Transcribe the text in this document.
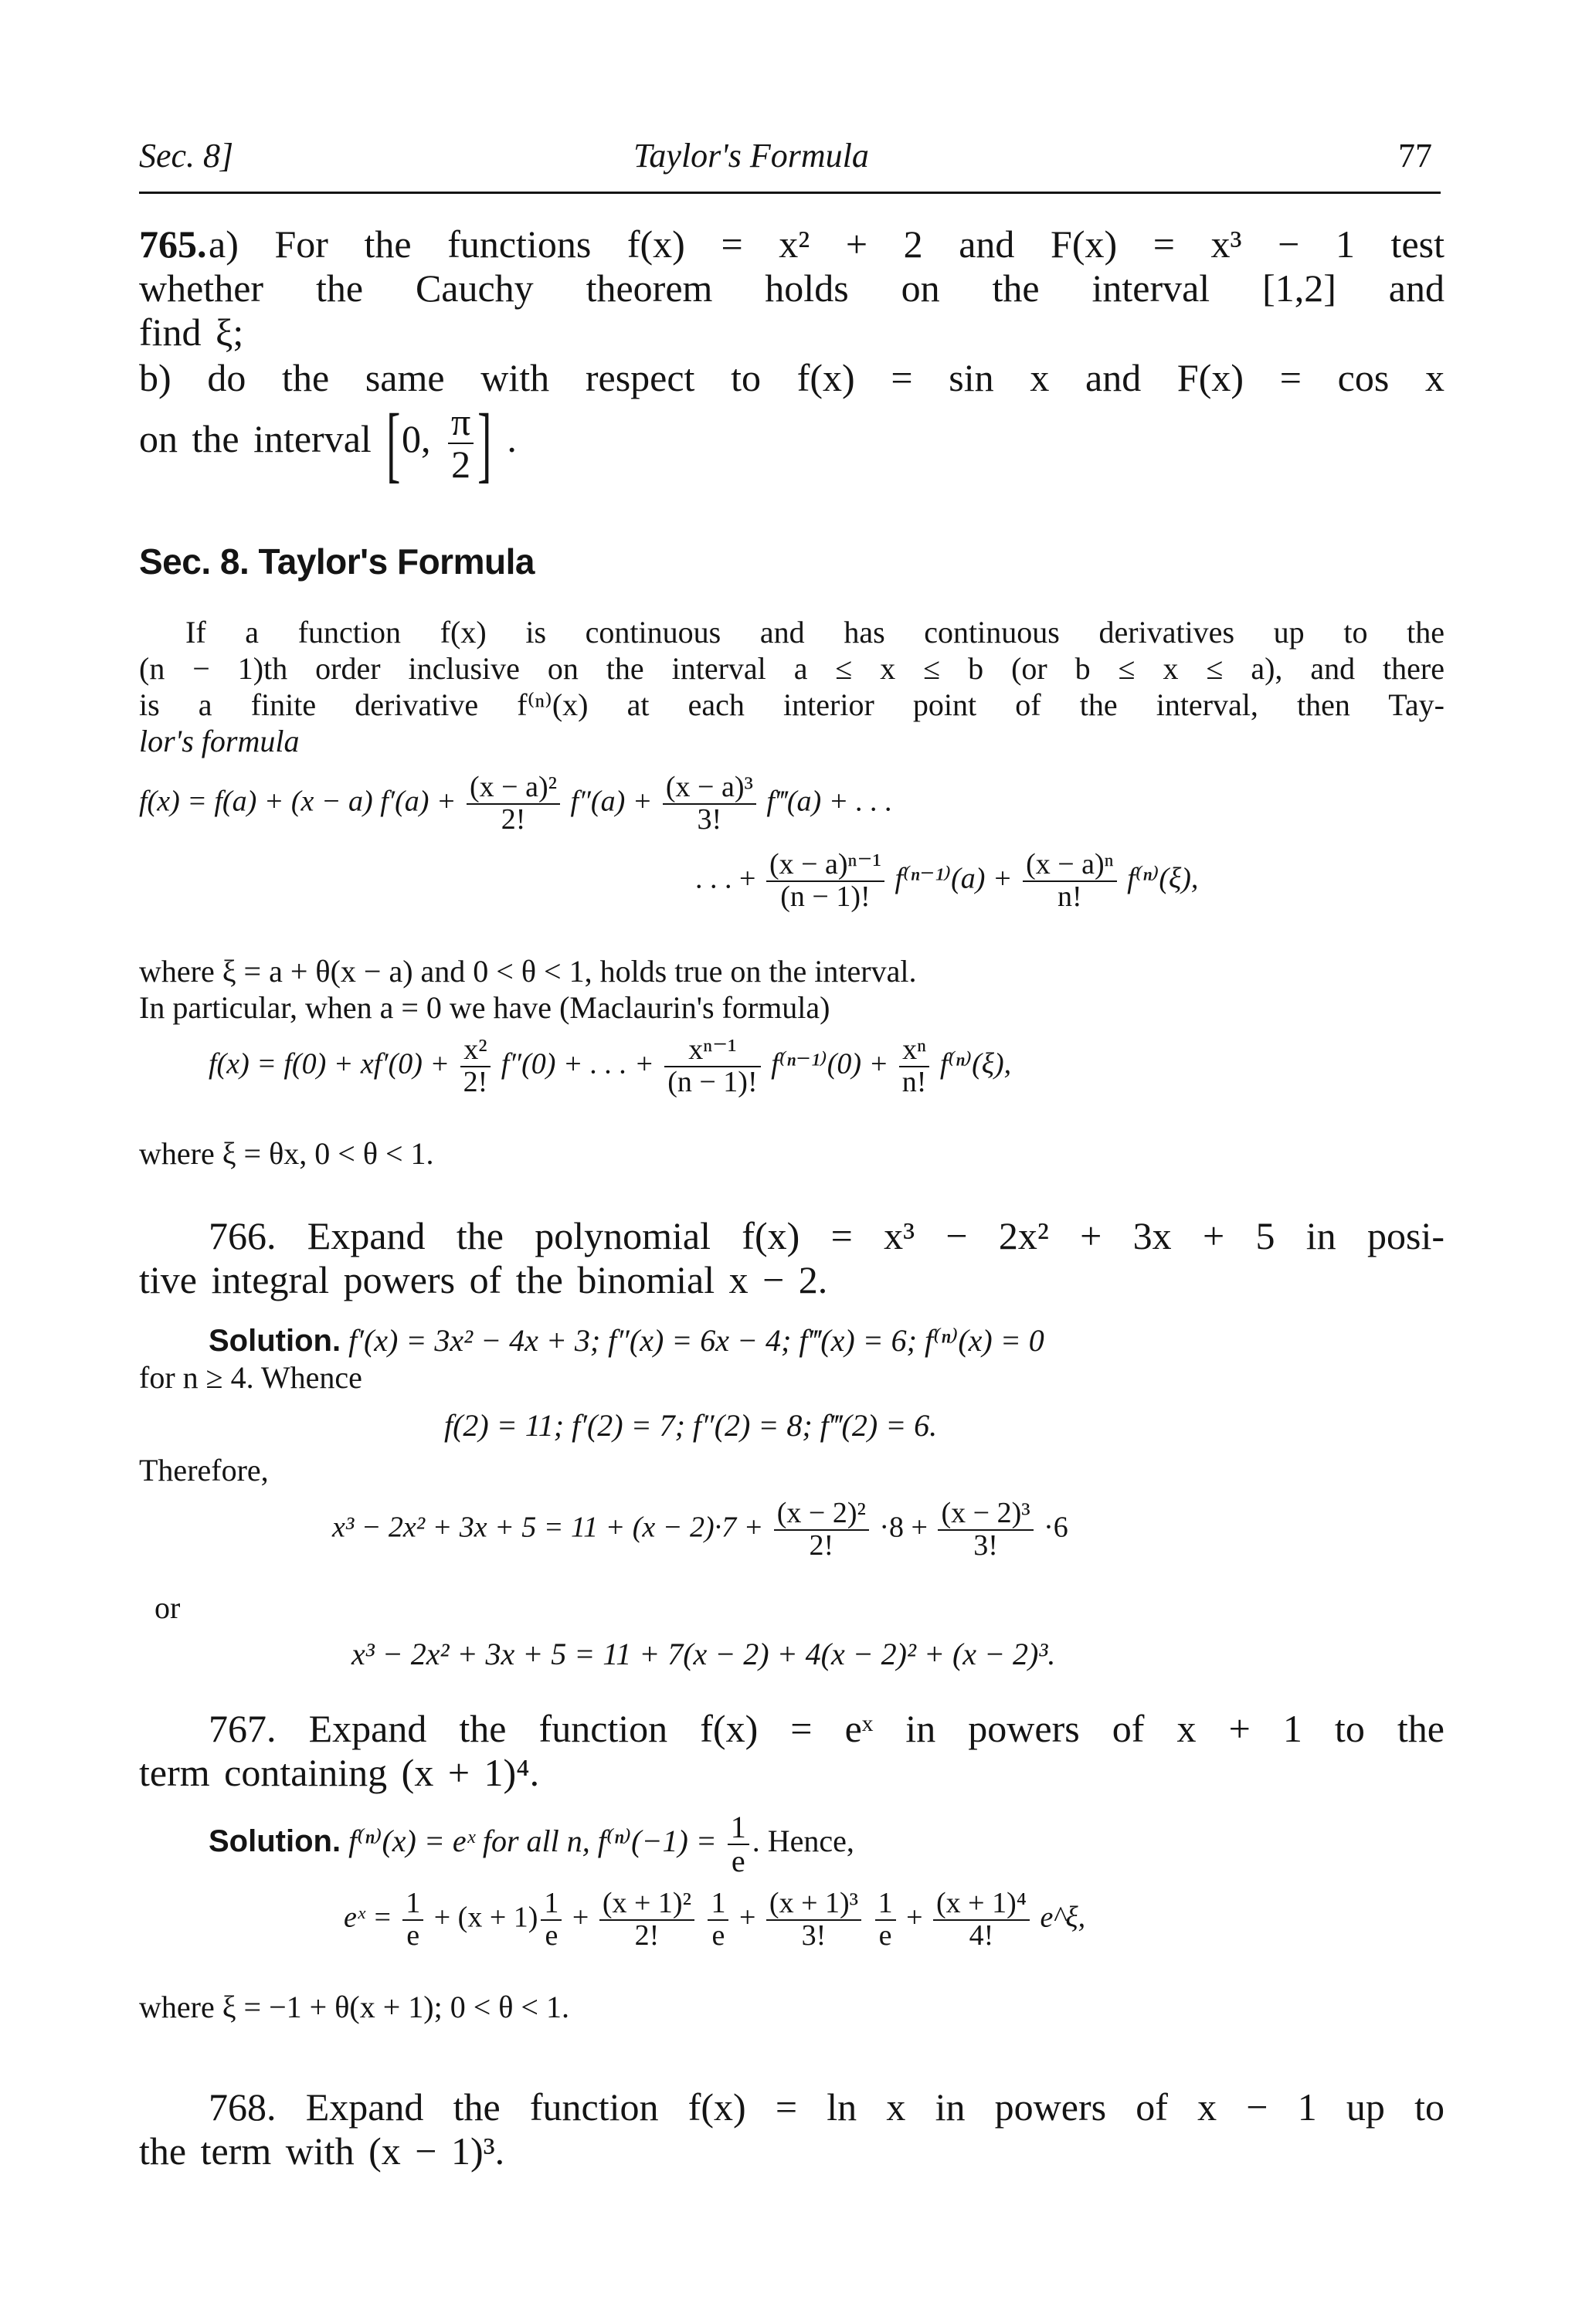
Sec. 8]	Taylor's Formula	77
a) For the functions f(x) = x² + 2 and F(x) = x³ − 1 test
765.
whether the Cauchy theorem holds on the interval [1,2] and
find ξ;
b) do the same with respect to f(x) = sin x and F(x) = cos x
on the interval [0, $\frac{\pi}{2}$ ] .
Sec. 8. Taylor's Formula
If a function f(x) is continuous and has continuous derivatives up to the
(n − 1)th order inclusive on the interval a ≤ x ≤ b (or b ≤ x ≤ a), and there
is a finite derivative f⁽ⁿ⁾(x) at each interior point of the interval, then Tay-
lor's formula
f(x) = f(a) + (x − a) $f'(a) + \frac{\text{(x − a)²}}{2!} f''(a) + \frac{\text{(x − a)³}}{3!}$ f‴(a) + . . .
. . . + $\frac{\text{(x − a)ⁿ⁻¹}}{(n - 1)!} f^{(n-1)}(a) + \frac{\text{(x − a)ⁿ}}{n!} f^{(n)}(\xi)$,
where ξ = a + θ(x − a) and 0 < θ < 1, holds true on the interval.
In particular, when a = 0 we have (Maclaurin's formula)
$f(x) = f(0) + xf'(0) + \frac{\text{x²}}{2!} f''(0)$ + . . . + $\frac{\text{xⁿ⁻¹}}{(n - 1)!} f^{(n-1)}(0) + \frac{\text{xⁿ}}{n!} f^{(n)}(\xi)$,
where ξ = θx, 0 < θ < 1.
766. Expand the polynomial f(x) = x³ − 2x² + 3x + 5 in posi-
tive integral powers of the binomial x − 2.
Solution. f′(x) = 3x² − 4x + 3; f″(x) = 6x − 4; f‴(x) = 6; f⁽ⁿ⁾(x) = 0
for n ≥ 4. Whence
f(2) = 11; f′(2) = 7; f″(2) = 8; f‴(2) = 6.
Therefore,
$x^3 - 2x^2 + 3x + 5 = 11 + (x - 2)\cdot 7 + \frac{\text{(x − 2)²}}{2!} \cdot 8 + \frac{\text{(x − 2)³}}{3!} \cdot 6$
or
x³ − 2x² + 3x + 5 = 11 + 7(x − 2) + 4(x − 2)² + (x − 2)³.
767. Expand the function f(x) = eˣ in powers of x + 1 to the
term containing (x + 1)⁴.
Solution. f⁽ⁿ⁾(x) = eˣ for all n, $f^{(n)}(-1) = \frac{1}{e}$ . Hence,
eˣ = $\frac{1}{e} + (x + 1) \frac{1}{e} + \frac{\text{(x + 1)²}}{2!}$
$\frac{1}{e} + \frac{\text{(x + 1)³}}{3!}$
$\frac{1}{e} + \frac{\text{(x + 1)⁴}}{4!}$ e^ξ,
where ξ = −1 + θ(x + 1); 0 < θ < 1.
768. Expand the function f(x) = ln x in powers of x − 1 up to
the term with (x − 1)³.
